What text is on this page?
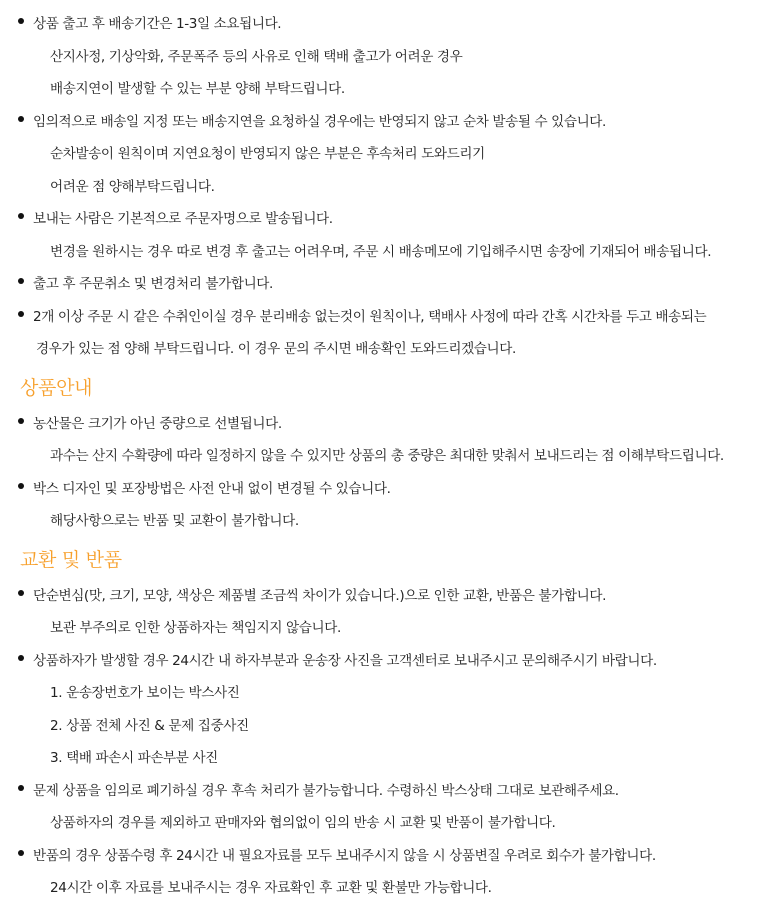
상품 출고 후 배송기간은 1-3일 소요됩니다.
산지사정, 기상악화, 주문폭주 등의 사유로 인해 택배 출고가 어려운 경우
배송지연이 발생할 수 있는 부분 양해 부탁드립니다.
임의적으로 배송일 지정 또는 배송지연을 요청하실 경우에는 반영되지 않고 순차 발송될 수 있습니다.
순차발송이 원칙이며 지연요청이 반영되지 않은 부분은 후속처리 도와드리기
어려운 점 양해부탁드립니다.
보내는 사람은 기본적으로 주문자명으로 발송됩니다.
변경을 원하시는 경우 따로 변경 후 출고는 어려우며, 주문 시 배송메모에 기입해주시면 송장에 기재되어 배송됩니다.
출고 후 주문취소 및 변경처리 불가합니다.
2개 이상 주문 시 같은 수취인이실 경우 분리배송 없는것이 원칙이나, 택배사 사정에 따라 간혹 시간차를 두고 배송되는
경우가 있는 점 양해 부탁드립니다. 이 경우 문의 주시면 배송확인 도와드리겠습니다.
상품안내
농산물은 크기가 아닌 중량으로 선별됩니다.
과수는 산지 수확량에 따라 일정하지 않을 수 있지만 상품의 총 중량은 최대한 맞춰서 보내드리는 점 이해부탁드립니다.
박스 디자인 및 포장방법은 사전 안내 없이 변경될 수 있습니다.
해당사항으로는 반품 및 교환이 불가합니다.
교환 및 반품
단순변심(맛, 크기, 모양, 색상은 제품별 조금씩 차이가 있습니다.)으로 인한 교환, 반품은 불가합니다.
보관 부주의로 인한 상품하자는 책임지지 않습니다.
상품하자가 발생할 경우 24시간 내 하자부분과 운송장 사진을 고객센터로 보내주시고 문의해주시기 바랍니다.
1. 운송장번호가 보이는 박스사진
2. 상품 전체 사진 & 문제 집중사진
3. 택배 파손시 파손부분 사진
문제 상품을 임의로 폐기하실 경우 후속 처리가 불가능합니다. 수령하신 박스상태 그대로 보관해주세요.
상품하자의 경우를 제외하고 판매자와 협의없이 임의 반송 시 교환 및 반품이 불가합니다.
반품의 경우 상품수령 후 24시간 내 필요자료를 모두 보내주시지 않을 시 상품변질 우려로 회수가 불가합니다.
24시간 이후 자료를 보내주시는 경우 자료확인 후 교환 및 환불만 가능합니다.
